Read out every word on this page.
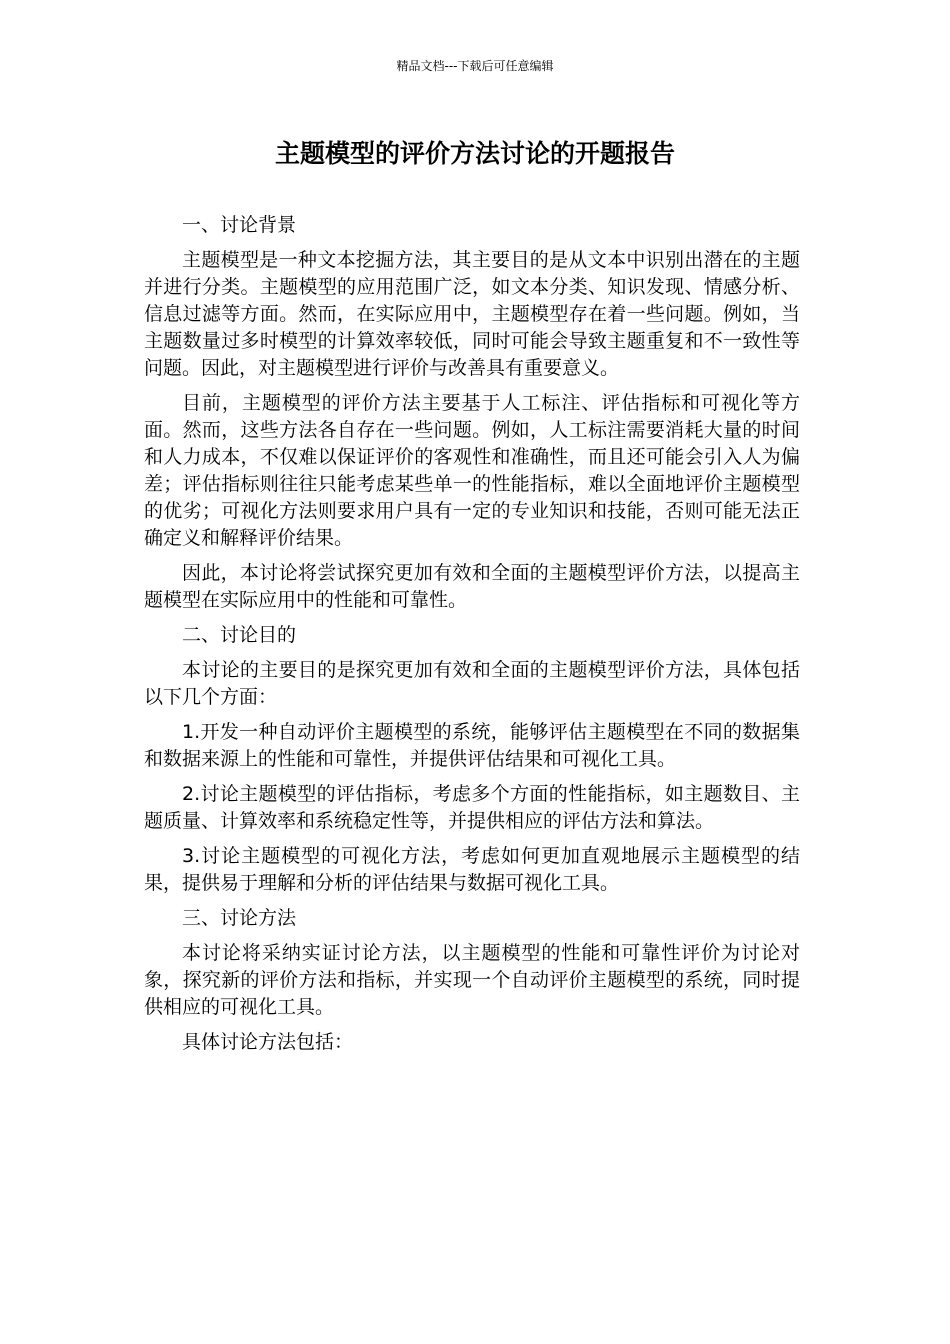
精品文档---下载后可任意编辑
主题模型的评价方法讨论的开题报告

一、讨论背景

主题模型是一种文本挖掘方法，其主要目的是从文本中识别出潜在的主题并进行分类。主题模型的应用范围广泛，如文本分类、知识发现、情感分析、信息过滤等方面。然而，在实际应用中，主题模型存在着一些问题。例如，当主题数量过多时模型的计算效率较低，同时可能会导致主题重复和不一致性等问题。因此，对主题模型进行评价与改善具有重要意义。

目前，主题模型的评价方法主要基于人工标注、评估指标和可视化等方面。然而，这些方法各自存在一些问题。例如，人工标注需要消耗大量的时间和人力成本，不仅难以保证评价的客观性和准确性，而且还可能会引入人为偏差；评估指标则往往只能考虑某些单一的性能指标，难以全面地评价主题模型的优劣；可视化方法则要求用户具有一定的专业知识和技能，否则可能无法正确定义和解释评价结果。

因此，本讨论将尝试探究更加有效和全面的主题模型评价方法，以提高主题模型在实际应用中的性能和可靠性。

二、讨论目的

本讨论的主要目的是探究更加有效和全面的主题模型评价方法，具体包括以下几个方面：

1.开发一种自动评价主题模型的系统，能够评估主题模型在不同的数据集和数据来源上的性能和可靠性，并提供评估结果和可视化工具。

2.讨论主题模型的评估指标，考虑多个方面的性能指标，如主题数目、主题质量、计算效率和系统稳定性等，并提供相应的评估方法和算法。

3.讨论主题模型的可视化方法，考虑如何更加直观地展示主题模型的结果，提供易于理解和分析的评估结果与数据可视化工具。

三、讨论方法

本讨论将采纳实证讨论方法，以主题模型的性能和可靠性评价为讨论对象，探究新的评价方法和指标，并实现一个自动评价主题模型的系统，同时提供相应的可视化工具。

具体讨论方法包括：
